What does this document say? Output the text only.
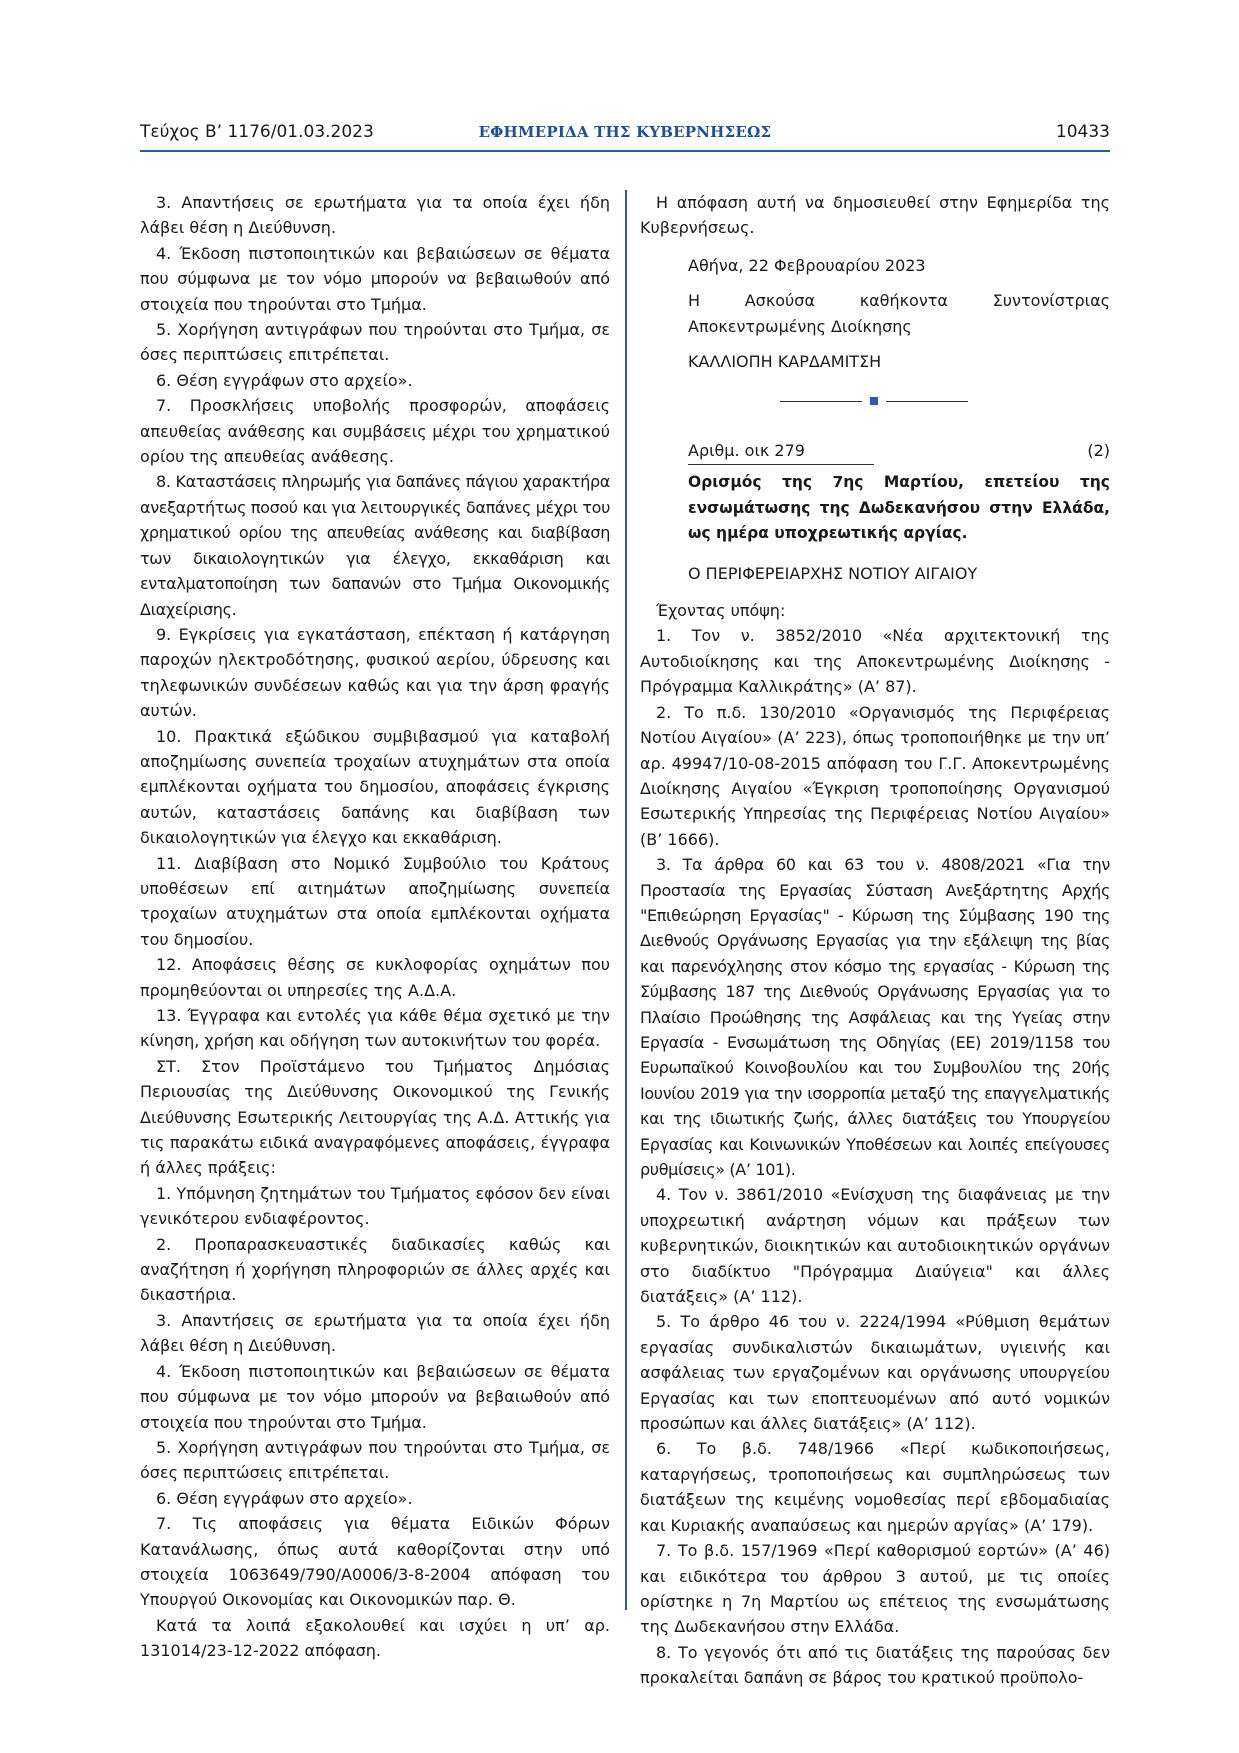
Τεύχος B’ 1176/01.03.2023	ΕΦΗΜΕΡΙΔΑ ΤΗΣ ΚΥΒΕΡΝΗΣΕΩΣ	10433

3. Απαντήσεις σε ερωτήματα για τα οποία έχει ήδη λάβει θέση η Διεύθυνση.

4. Έκδοση πιστοποιητικών και βεβαιώσεων σε θέματα που σύμφωνα με τον νόμο μπορούν να βεβαιωθούν από στοιχεία που τηρούνται στο Τμήμα.

5. Χορήγηση αντιγράφων που τηρούνται στο Τμήμα, σε όσες περιπτώσεις επιτρέπεται.

6. Θέση εγγράφων στο αρχείο».

7. Προσκλήσεις υποβολής προσφορών, αποφάσεις απευθείας ανάθεσης και συμβάσεις μέχρι του χρηματικού ορίου της απευθείας ανάθεσης.

8. Καταστάσεις πληρωμής για δαπάνες πάγιου χαρακτήρα ανεξαρτήτως ποσού και για λειτουργικές δαπάνες μέχρι του χρηματικού ορίου της απευθείας ανάθεσης και διαβίβαση των δικαιολογητικών για έλεγχο, εκκαθάριση και ενταλματοποίηση των δαπανών στο Τμήμα Οικονομικής Διαχείρισης.

9. Εγκρίσεις για εγκατάσταση, επέκταση ή κατάργηση παροχών ηλεκτροδότησης, φυσικού αερίου, ύδρευσης και τηλεφωνικών συνδέσεων καθώς και για την άρση φραγής αυτών.

10. Πρακτικά εξώδικου συμβιβασμού για καταβολή αποζημίωσης συνεπεία τροχαίων ατυχημάτων στα οποία εμπλέκονται οχήματα του δημοσίου, αποφάσεις έγκρισης αυτών, καταστάσεις δαπάνης και διαβίβαση των δικαιολογητικών για έλεγχο και εκκαθάριση.

11. Διαβίβαση στο Νομικό Συμβούλιο του Κράτους υποθέσεων επί αιτημάτων αποζημίωσης συνεπεία τροχαίων ατυχημάτων στα οποία εμπλέκονται οχήματα του δημοσίου.

12. Αποφάσεις θέσης σε κυκλοφορίας οχημάτων που προμηθεύονται οι υπηρεσίες της Α.Δ.Α.

13. Έγγραφα και εντολές για κάθε θέμα σχετικό με την κίνηση, χρήση και οδήγηση των αυτοκινήτων του φορέα.

ΣΤ. Στον Προϊστάμενο του Τμήματος Δημόσιας Περιουσίας της Διεύθυνσης Οικονομικού της Γενικής Διεύθυνσης Εσωτερικής Λειτουργίας της Α.Δ. Αττικής για τις παρακάτω ειδικά αναγραφόμενες αποφάσεις, έγγραφα ή άλλες πράξεις:

1. Υπόμνηση ζητημάτων του Τμήματος εφόσον δεν είναι γενικότερου ενδιαφέροντος.

2. Προπαρασκευαστικές διαδικασίες καθώς και αναζήτηση ή χορήγηση πληροφοριών σε άλλες αρχές και δικαστήρια.

3. Απαντήσεις σε ερωτήματα για τα οποία έχει ήδη λάβει θέση η Διεύθυνση.

4. Έκδοση πιστοποιητικών και βεβαιώσεων σε θέματα που σύμφωνα με τον νόμο μπορούν να βεβαιωθούν από στοιχεία που τηρούνται στο Τμήμα.

5. Χορήγηση αντιγράφων που τηρούνται στο Τμήμα, σε όσες περιπτώσεις επιτρέπεται.

6. Θέση εγγράφων στο αρχείο».

7. Τις αποφάσεις για θέματα Ειδικών Φόρων Κατανάλωσης, όπως αυτά καθορίζονται στην υπό στοιχεία 1063649/790/Α0006/3-8-2004 απόφαση του Υπουργού Οικονομίας και Οικονομικών παρ. Θ.

Κατά τα λοιπά εξακολουθεί και ισχύει η υπ’ αρ. 131014/23-12-2022 απόφαση.

Η απόφαση αυτή να δημοσιευθεί στην Εφημερίδα της Κυβερνήσεως.

Αθήνα, 22 Φεβρουαρίου 2023

Η Ασκούσα καθήκοντα Συντονίστριας Αποκεντρωμένης Διοίκησης

ΚΑΛΛΙΟΠΗ ΚΑΡΔΑΜΙΤΣΗ

Αριθμ. οικ 279	(2)
Ορισμός της 7ης Μαρτίου, επετείου της ενσωμάτωσης της Δωδεκανήσου στην Ελλάδα, ως ημέρα υποχρεωτικής αργίας.
Ο ΠΕΡΙΦΕΡΕΙΑΡΧΗΣ ΝΟΤΙΟΥ ΑΙΓΑΙΟΥ
Έχοντας υπόψη:

1. Τον ν. 3852/2010 «Νέα αρχιτεκτονική της Αυτοδιοίκησης και της Αποκεντρωμένης Διοίκησης - Πρόγραμμα Καλλικράτης» (Α’ 87).

2. Το π.δ. 130/2010 «Οργανισμός της Περιφέρειας Νοτίου Αιγαίου» (Α’ 223), όπως τροποποιήθηκε με την υπ’ αρ. 49947/10-08-2015 απόφαση του Γ.Γ. Αποκεντρωμένης Διοίκησης Αιγαίου «Έγκριση τροποποίησης Οργανισμού Εσωτερικής Υπηρεσίας της Περιφέρειας Νοτίου Αιγαίου» (Β’ 1666).

3. Τα άρθρα 60 και 63 του ν. 4808/2021 «Για την Προστασία της Εργασίας Σύσταση Ανεξάρτητης Αρχής "Επιθεώρηση Εργασίας" - Κύρωση της Σύμβασης 190 της Διεθνούς Οργάνωσης Εργασίας για την εξάλειψη της βίας και παρενόχλησης στον κόσμο της εργασίας - Κύρωση της Σύμβασης 187 της Διεθνούς Οργάνωσης Εργασίας για το Πλαίσιο Προώθησης της Ασφάλειας και της Υγείας στην Εργασία - Ενσωμάτωση της Οδηγίας (ΕΕ) 2019/1158 του Ευρωπαϊκού Κοινοβουλίου και του Συμβουλίου της 20ής Ιουνίου 2019 για την ισορροπία μεταξύ της επαγγελματικής και της ιδιωτικής ζωής, άλλες διατάξεις του Υπουργείου Εργασίας και Κοινωνικών Υποθέσεων και λοιπές επείγουσες ρυθμίσεις» (Α’ 101).

4. Τον ν. 3861/2010 «Ενίσχυση της διαφάνειας με την υποχρεωτική ανάρτηση νόμων και πράξεων των κυβερνητικών, διοικητικών και αυτοδιοικητικών οργάνων στο διαδίκτυο "Πρόγραμμα Διαύγεια" και άλλες διατάξεις» (Α’ 112).

5. Το άρθρο 46 του ν. 2224/1994 «Ρύθμιση θεμάτων εργασίας συνδικαλιστών δικαιωμάτων, υγιεινής και ασφάλειας των εργαζομένων και οργάνωσης υπουργείου Εργασίας και των εποπτευομένων από αυτό νομικών προσώπων και άλλες διατάξεις» (Α’ 112).

6. Το β.δ. 748/1966 «Περί κωδικοποιήσεως, καταργήσεως, τροποποιήσεως και συμπληρώσεως των διατάξεων της κειμένης νομοθεσίας περί εβδομαδιαίας και Κυριακής αναπαύσεως και ημερών αργίας» (Α’ 179).

7. Το β.δ. 157/1969 «Περί καθορισμού εορτών» (Α’ 46) και ειδικότερα του άρθρου 3 αυτού, με τις οποίες ορίστηκε η 7η Μαρτίου ως επέτειος της ενσωμάτωσης της Δωδεκανήσου στην Ελλάδα.

8. Το γεγονός ότι από τις διατάξεις της παρούσας δεν προκαλείται δαπάνη σε βάρος του κρατικού προϋπολο-
